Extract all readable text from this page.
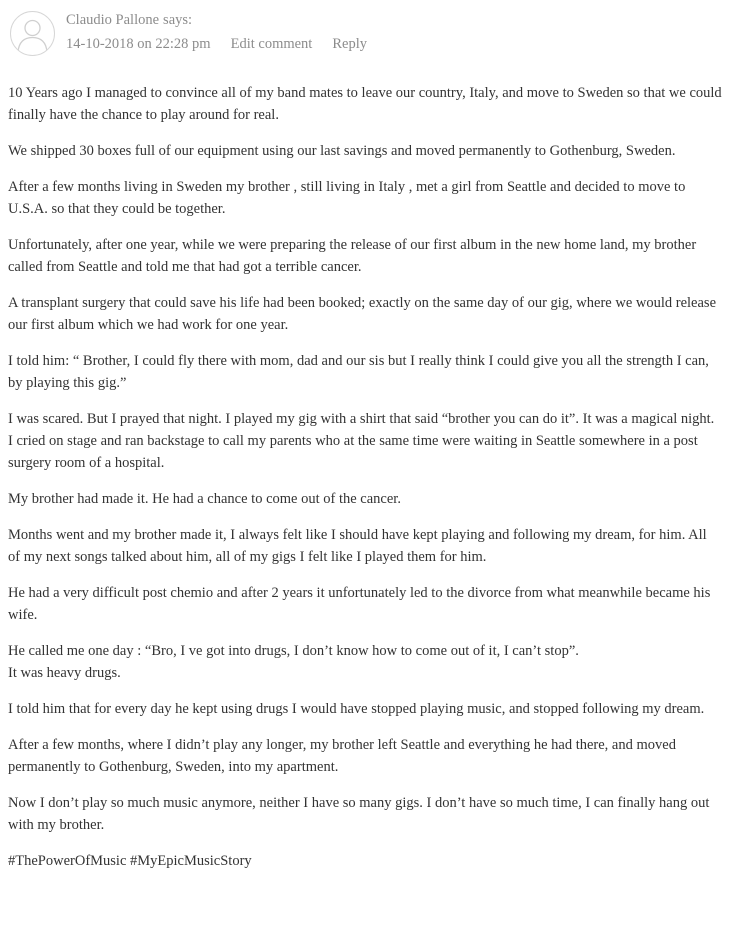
Claudio Pallone says:
14-10-2018 on 22:28 pm Edit comment Reply

10 Years ago I managed to convince all of my band mates to leave our country, Italy, and move to Sweden so that we could finally have the chance to play around for real.

We shipped 30 boxes full of our equipment using our last savings and moved permanently to Gothenburg, Sweden.

After a few months living in Sweden my brother , still living in Italy , met a girl from Seattle and decided to move to U.S.A. so that they could be together.

Unfortunately, after one year, while we were preparing the release of our first album in the new home land, my brother called from Seattle and told me that had got a terrible cancer.

A transplant surgery that could save his life had been booked; exactly on the same day of our gig, where we would release our first album which we had work for one year.

I told him: “ Brother, I could fly there with mom, dad and our sis but I really think I could give you all the strength I can, by playing this gig.”

I was scared. But I prayed that night. I played my gig with a shirt that said “brother you can do it”. It was a magical night. I cried on stage and ran backstage to call my parents who at the same time were waiting in Seattle somewhere in a post surgery room of a hospital.

My brother had made it. He had a chance to come out of the cancer.

Months went and my brother made it, I always felt like I should have kept playing and following my dream, for him. All of my next songs talked about him, all of my gigs I felt like I played them for him.

He had a very difficult post chemio and after 2 years it unfortunately led to the divorce from what meanwhile became his wife.

He called me one day : “Bro, I ve got into drugs, I don’t know how to come out of it, I can’t stop”.
It was heavy drugs.

I told him that for every day he kept using drugs I would have stopped playing music, and stopped following my dream.

After a few months, where I didn’t play any longer, my brother left Seattle and everything he had there, and moved permanently to Gothenburg, Sweden, into my apartment.

Now I don’t play so much music anymore, neither I have so many gigs. I don’t have so much time, I can finally hang out with my brother.

#ThePowerOfMusic #MyEpicMusicStory
